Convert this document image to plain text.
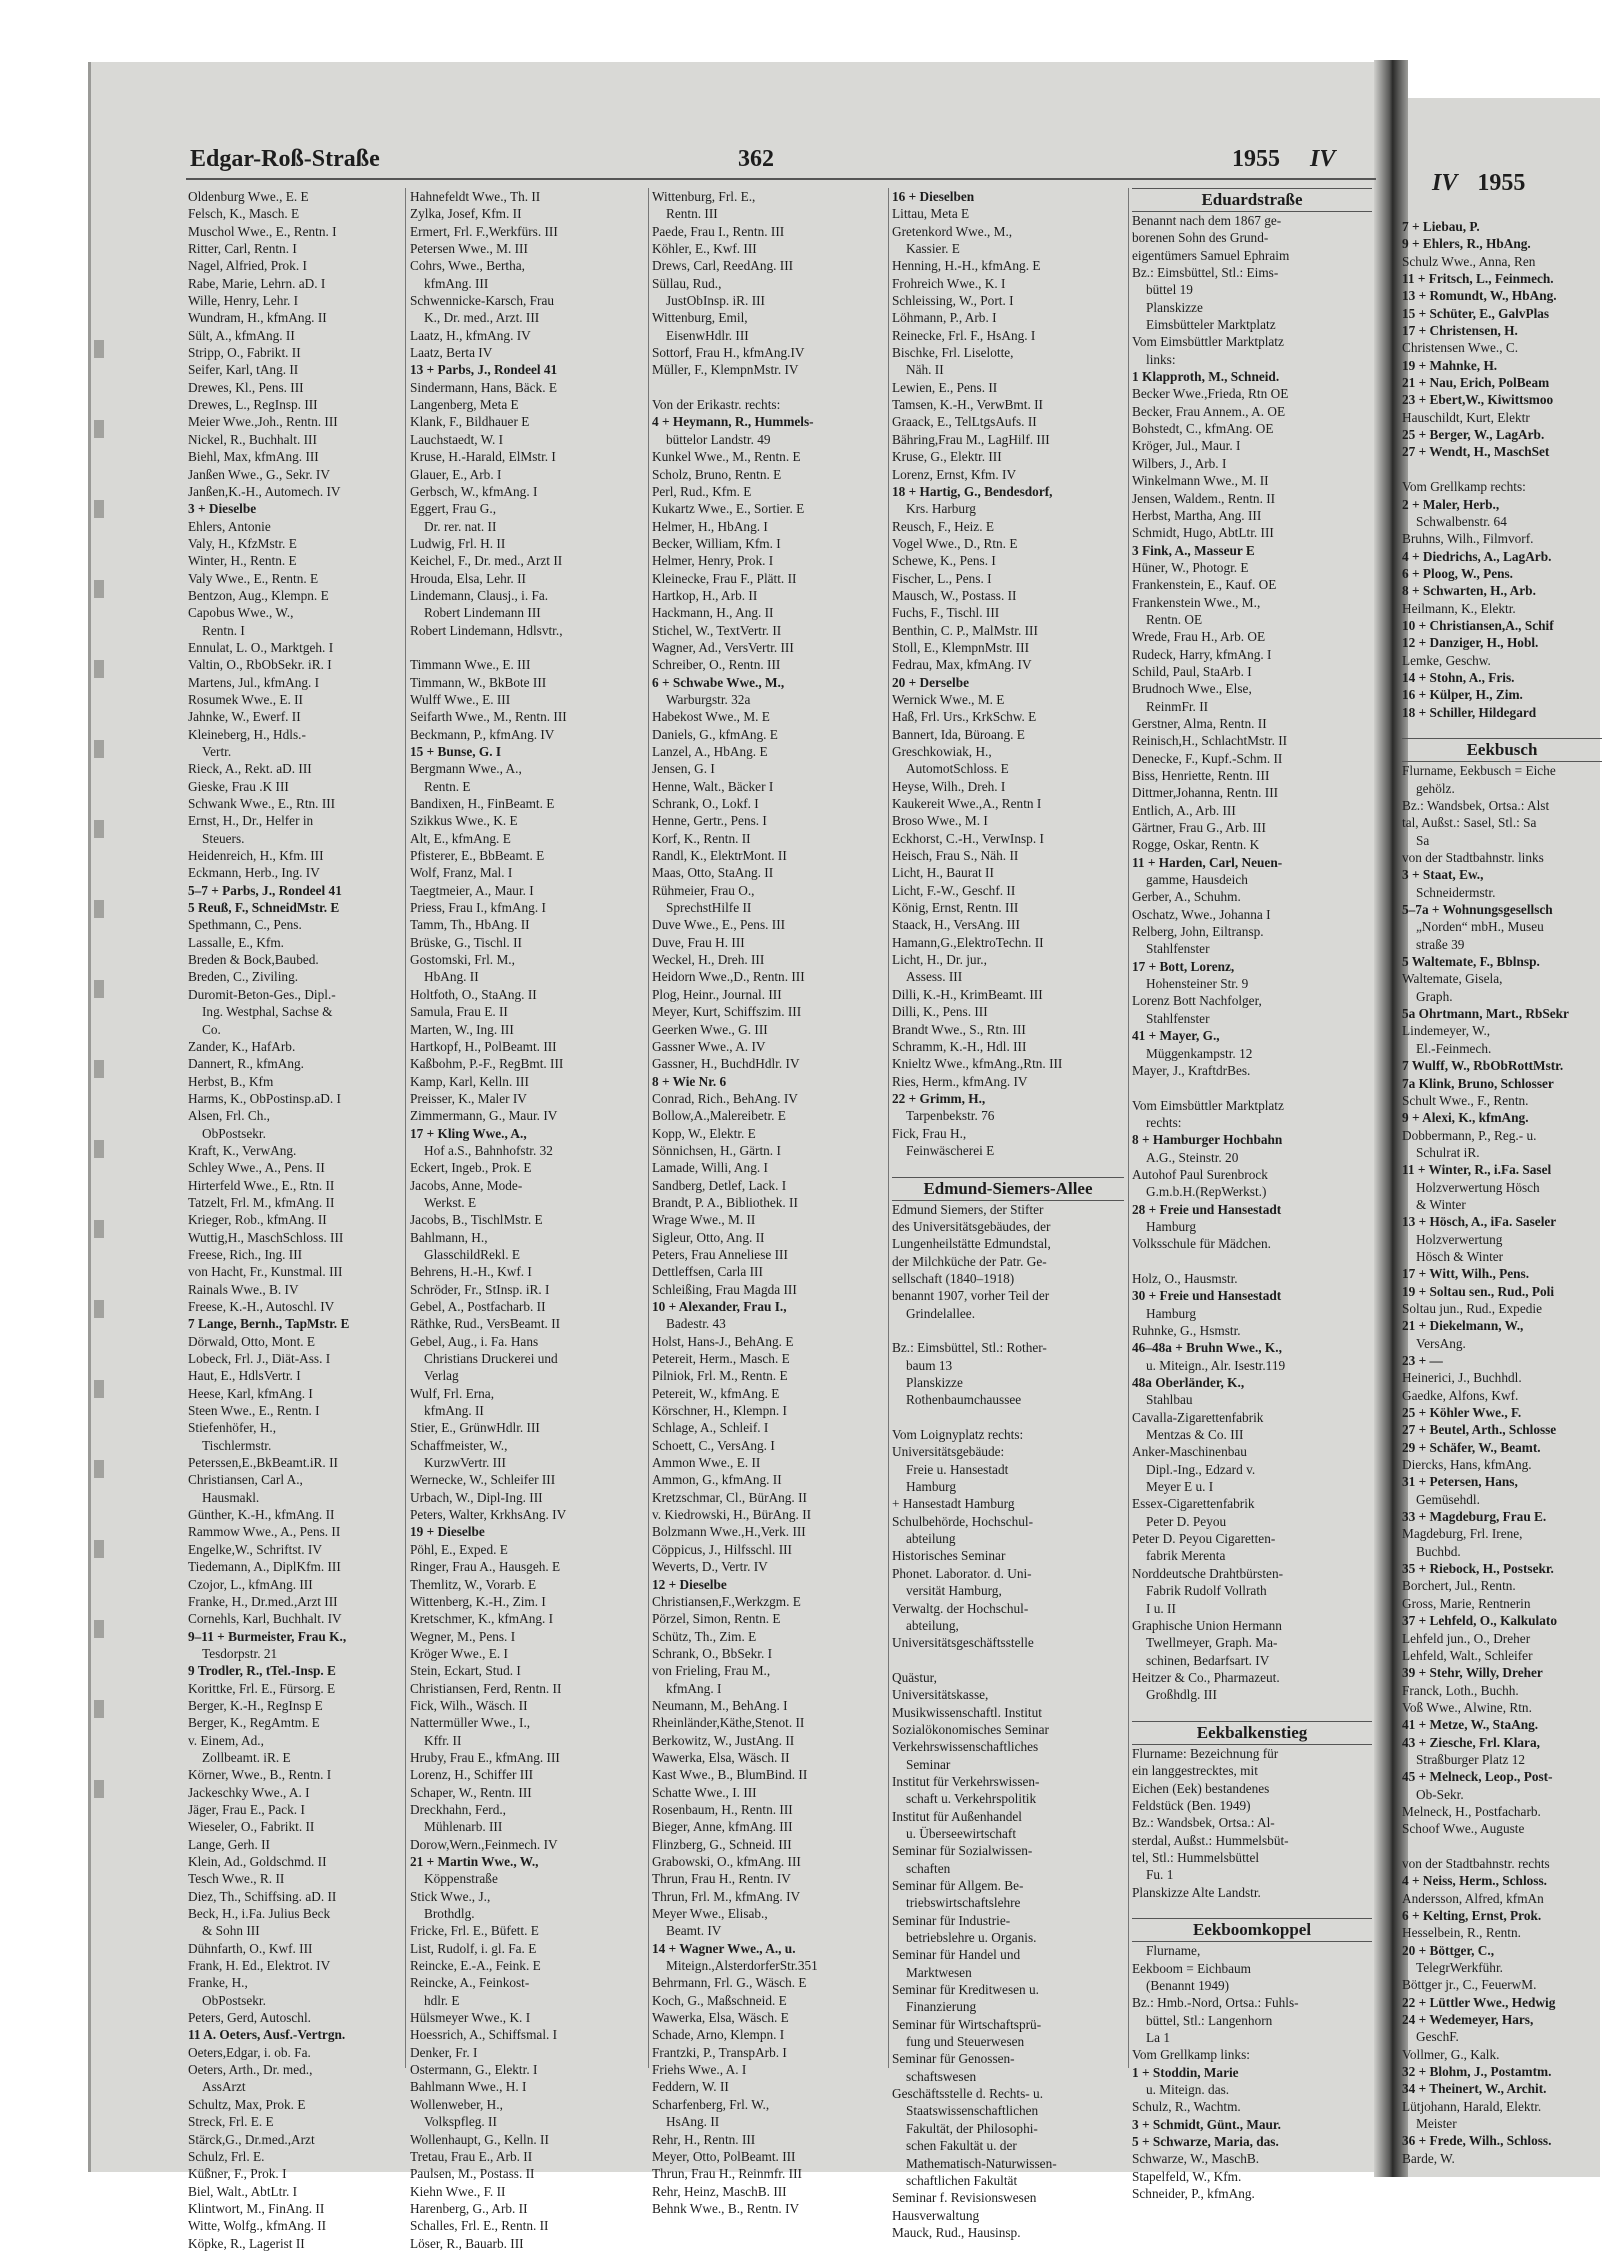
Edgar-Roß-Straße	362	1955 IV
IV 1955
Oldenburg Wwe., E. E
Felsch, K., Masch. E
Muschol Wwe., E., Rentn. I
Ritter, Carl, Rentn. I
Nagel, Alfried, Prok. I
Rabe, Marie, Lehrn. aD. I
Wille, Henry, Lehr. I
Wundram, H., kfmAng. II
Sült, A., kfmAng. II
Stripp, O., Fabrikt. II
Seifer, Karl, tAng. II
Drewes, Kl., Pens. III
Drewes, L., RegInsp. III
Meier Wwe.,Joh., Rentn. III
Nickel, R., Buchhalt. III
Biehl, Max, kfmAng. III
Janßen Wwe., G., Sekr. IV
Janßen,K.-H., Automech. IV
3 + Dieselbe
Ehlers, Antonie
Valy, H., KfzMstr. E
Winter, H., Rentn. E
Valy Wwe., E., Rentn. E
Bentzon, Aug., Klempn. E
Capobus Wwe., W.,
Rentn. I
Ennulat, L. O., Marktgeh. I
Valtin, O., RbObSekr. iR. I
Martens, Jul., kfmAng. I
Rosumek Wwe., E. II
Jahnke, W., Ewerf. II
Kleineberg, H., Hdls.-
Vertr.
Rieck, A., Rekt. aD. III
Gieske, Frau .K III
Schwank Wwe., E., Rtn. III
Ernst, H., Dr., Helfer in
Steuers.
Heidenreich, H., Kfm. III
Eckmann, Herb., Ing. IV
5–7 + Parbs, J., Rondeel 41
5 Reuß, F., SchneidMstr. E
Spethmann, C., Pens.
Lassalle, E., Kfm.
Breden & Bock,Baubed.
Breden, C., Ziviling.
Duromit-Beton-Ges., Dipl.-
Ing. Westphal, Sachse &
Co.
Zander, K., HafArb.
Dannert, R., kfmAng.
Herbst, B., Kfm
Harms, K., ObPostinsp.aD. I
Alsen, Frl. Ch.,
ObPostsekr.
Kraft, K., VerwAng.
Schley Wwe., A., Pens. II
Hirterfeld Wwe., E., Rtn. II
Tatzelt, Frl. M., kfmAng. II
Krieger, Rob., kfmAng. II
Wuttig,H., MaschSchloss. III
Freese, Rich., Ing. III
von Hacht, Fr., Kunstmal. III
Rainals Wwe., B. IV
Freese, K.-H., Autoschl. IV
7 Lange, Bernh., TapMstr. E
Dörwald, Otto, Mont. E
Lobeck, Frl. J., Diät-Ass. I
Haut, E., HdlsVertr. I
Heese, Karl, kfmAng. I
Steen Wwe., E., Rentn. I
Stiefenhöfer, H.,
Tischlermstr.
Peterssen,E.,BkBeamt.iR. II
Christiansen, Carl A.,
Hausmakl.
Günther, K.-H., kfmAng. II
Rammow Wwe., A., Pens. II
Engelke,W., Schriftst. IV
Tiedemann, A., DiplKfm. III
Czojor, L., kfmAng. III
Franke, H., Dr.med.,Arzt III
Cornehls, Karl, Buchhalt. IV
9–11 + Burmeister, Frau K.,
Tesdorpstr. 21
9 Trodler, R., tTel.-Insp. E
Korittke, Frl. E., Fürsorg. E
Berger, K.-H., RegInsp E
Berger, K., RegAmtm. E
v. Einem, Ad.,
Zollbeamt. iR. E
Körner, Wwe., B., Rentn. I
Jackeschky Wwe., A. I
Jäger, Frau E., Pack. I
Wieseler, O., Fabrikt. II
Lange, Gerh. II
Klein, Ad., Goldschmd. II
Tesch Wwe., R. II
Diez, Th., Schiffsing. aD. II
Beck, H., i.Fa. Julius Beck
& Sohn III
Dühnfarth, O., Kwf. III
Frank, H. Ed., Elektrot. IV
Franke, H.,
ObPostsekr.
Peters, Gerd, Autoschl.
11 A. Oeters, Ausf.-Vertrgn.
Oeters,Edgar, i. ob. Fa.
Oeters, Arth., Dr. med.,
AssArzt
Schultz, Max, Prok. E
Streck, Frl. E. E
Stärck,G., Dr.med.,Arzt
Schulz, Frl. E.
Küßner, F., Prok. I
Biel, Walt., AbtLtr. I
Klintwort, M., FinAng. II
Witte, Wolfg., kfmAng. II
Köpke, R., Lagerist II
Hahnefeldt Wwe., Th. II
Zylka, Josef, Kfm. II
Ermert, Frl. F.,Werkfürs. III
Petersen Wwe., M. III
Cohrs, Wwe., Bertha,
kfmAng. III
Schwennicke-Karsch, Frau
K., Dr. med., Arzt. III
Laatz, H., kfmAng. IV
Laatz, Berta IV
13 + Parbs, J., Rondeel 41
Sindermann, Hans, Bäck. E
Langenberg, Meta E
Klank, F., Bildhauer E
Lauchstaedt, W. I
Kruse, H.-Harald, ElMstr. I
Glauer, E., Arb. I
Gerbsch, W., kfmAng. I
Eggert, Frau G.,
Dr. rer. nat. II
Ludwig, Frl. H. II
Keichel, F., Dr. med., Arzt II
Hrouda, Elsa, Lehr. II
Lindemann, Clausj., i. Fa.
Robert Lindemann III
Robert Lindemann, Hdlsvtr.,
Timmann Wwe., E. III
Timmann, W., BkBote III
Wulff Wwe., E. III
Seifarth Wwe., M., Rentn. III
Beckmann, P., kfmAng. IV
15 + Bunse, G. I
Bergmann Wwe., A.,
Rentn. E
Bandixen, H., FinBeamt. E
Szikkus Wwe., K. E
Alt, E., kfmAng. E
Pfisterer, E., BbBeamt. E
Wolf, Franz, Mal. I
Taegtmeier, A., Maur. I
Priess, Frau I., kfmAng. I
Tamm, Th., HbAng. II
Brüske, G., Tischl. II
Gostomski, Frl. M.,
HbAng. II
Holtfoth, O., StaAng. II
Samula, Frau E. II
Marten, W., Ing. III
Hartkopf, H., PolBeamt. III
Kaßbohm, P.-F., RegBmt. III
Kamp, Karl, Kelln. III
Preisser, K., Maler IV
Zimmermann, G., Maur. IV
17 + Kling Wwe., A.,
Hof a.S., Bahnhofstr. 32
Eckert, Ingeb., Prok. E
Jacobs, Anne, Mode-
Werkst. E
Jacobs, B., TischlMstr. E
Bahlmann, H.,
GlasschildRekl. E
Behrens, H.-H., Kwf. I
Schröder, Fr., StInsp. iR. I
Gebel, A., Postfacharb. II
Räthke, Rud., VersBeamt. II
Gebel, Aug., i. Fa. Hans
Christians Druckerei und
Verlag
Wulf, Frl. Erna,
kfmAng. II
Stier, E., GrünwHdlr. III
Schaffmeister, W.,
KurzwVertr. III
Wernecke, W., Schleifer III
Urbach, W., Dipl-Ing. III
Peters, Walter, KrkhsAng. IV
19 + Dieselbe
Pöhl, E., Exped. E
Ringer, Frau A., Hausgeh. E
Themlitz, W., Vorarb. E
Wittenberg, K.-H., Zim. I
Kretschmer, K., kfmAng. I
Wegner, M., Pens. I
Kröger Wwe., E. I
Stein, Eckart, Stud. I
Christiansen, Ferd, Rentn. II
Fick, Wilh., Wäsch. II
Nattermüller Wwe., I.,
Kffr. II
Hruby, Frau E., kfmAng. III
Lorenz, H., Schiffer III
Schaper, W., Rentn. III
Dreckhahn, Ferd.,
Mühlenarb. III
Dorow,Wern.,Feinmech. IV
21 + Martin Wwe., W.,
Köppenstraße
Stick Wwe., J.,
Brothdlg.
Fricke, Frl. E., Büfett. E
List, Rudolf, i. gl. Fa. E
Reincke, E.-A., Feink. E
Reincke, A., Feinkost-
hdlr. E
Hülsmeyer Wwe., K. I
Hoessrich, A., Schiffsmal. I
Denker, Fr. I
Ostermann, G., Elektr. I
Bahlmann Wwe., H. I
Wollenweber, H.,
Volkspfleg. II
Wollenhaupt, G., Kelln. II
Tretau, Frau E., Arb. II
Paulsen, M., Postass. II
Kiehn Wwe., F. II
Harenberg, G., Arb. II
Schalles, Frl. E., Rentn. II
Löser, R., Bauarb. III
Wittenburg, Frl. E.,
Rentn. III
Paede, Frau I., Rentn. III
Köhler, E., Kwf. III
Drews, Carl, ReedAng. III
Süllau, Rud.,
JustObInsp. iR. III
Wittenburg, Emil,
EisenwHdlr. III
Sottorf, Frau H., kfmAng.IV
Müller, F., KlempnMstr. IV
Von der Erikastr. rechts:
4 + Heymann, R., Hummels-
büttelor Landstr. 49
Kunkel Wwe., M., Rentn. E
Scholz, Bruno, Rentn. E
Perl, Rud., Kfm. E
Kukartz Wwe., E., Sortier. E
Helmer, H., HbAng. I
Becker, William, Kfm. I
Helmer, Henry, Prok. I
Kleinecke, Frau F., Plätt. II
Hartkop, H., Arb. II
Hackmann, H., Ang. II
Stichel, W., TextVertr. II
Wagner, Ad., VersVertr. III
Schreiber, O., Rentn. III
6 + Schwabe Wwe., M.,
Warburgstr. 32a
Habekost Wwe., M. E
Daniels, G., kfmAng. E
Lanzel, A., HbAng. E
Jensen, G. I
Henne, Walt., Bäcker I
Schrank, O., Lokf. I
Henne, Gertr., Pens. I
Korf, K., Rentn. II
Randl, K., ElektrMont. II
Maas, Otto, StaAng. II
Rühmeier, Frau O.,
SprechstHilfe II
Duve Wwe., E., Pens. III
Duve, Frau H. III
Weckel, H., Dreh. III
Heidorn Wwe.,D., Rentn. III
Plog, Heinr., Journal. III
Meyer, Kurt, Schiffszim. III
Geerken Wwe., G. III
Gassner Wwe., A. IV
Gassner, H., BuchdHdlr. IV
8 + Wie Nr. 6
Conrad, Rich., BehAng. IV
Bollow,A.,Malereibetr. E
Kopp, W., Elektr. E
Sönnichsen, H., Gärtn. I
Lamade, Willi, Ang. I
Sandberg, Detlef, Lack. I
Brandt, P. A., Bibliothek. II
Wrage Wwe., M. II
Sigleur, Otto, Ang. II
Peters, Frau Anneliese III
Dettleffsen, Carla III
Schleißing, Frau Magda III
10 + Alexander, Frau I.,
Badestr. 43
Holst, Hans-J., BehAng. E
Petereit, Herm., Masch. E
Pilniok, Frl. M., Rentn. E
Petereit, W., kfmAng. E
Körschner, H., Klempn. I
Schlage, A., Schleif. I
Schoett, C., VersAng. I
Ammon Wwe., E. II
Ammon, G., kfmAng. II
Kretzschmar, Cl., BürAng. II
v. Kiedrowski, H., BürAng. II
Bolzmann Wwe.,H.,Verk. III
Cöppicus, J., Hilfsschl. III
Weverts, D., Vertr. IV
12 + Dieselbe
Christiansen,F.,Werkzgm. E
Pörzel, Simon, Rentn. E
Schütz, Th., Zim. E
Schrank, O., BbSekr. I
von Frieling, Frau M.,
kfmAng. I
Neumann, M., BehAng. I
Rheinländer,Käthe,Stenot. II
Berkowitz, W., JustAng. II
Wawerka, Elsa, Wäsch. II
Kast Wwe., B., BlumBind. II
Schatte Wwe., I. III
Rosenbaum, H., Rentn. III
Bieger, Anne, kfmAng. III
Flinzberg, G., Schneid. III
Grabowski, O., kfmAng. III
Thrun, Frau H., Rentn. IV
Thrun, Frl. M., kfmAng. IV
Meyer Wwe., Elisab.,
Beamt. IV
14 + Wagner Wwe., A., u.
Miteign.,AlsterdorferStr.351
Behrmann, Frl. G., Wäsch. E
Koch, G., Maßschneid. E
Wawerka, Elsa, Wäsch. E
Schade, Arno, Klempn. I
Frantzki, P., TranspArb. I
Friehs Wwe., A. I
Feddern, W. II
Scharfenberg, Frl. W.,
HsAng. II
Rehr, H., Rentn. III
Meyer, Otto, PolBeamt. III
Thrun, Frau H., Reinmfr. III
Rehr, Heinz, MaschB. III
Behnk Wwe., B., Rentn. IV
16 + Dieselben
Littau, Meta E
Gretenkord Wwe., M.,
Kassier. E
Henning, H.-H., kfmAng. E
Frohreich Wwe., K. I
Schleissing, W., Port. I
Löhmann, P., Arb. I
Reinecke, Frl. F., HsAng. I
Bischke, Frl. Liselotte,
Näh. II
Lewien, E., Pens. II
Tamsen, K.-H., VerwBmt. II
Graack, E., TelLtgsAufs. II
Bähring,Frau M., LagHilf. III
Kruse, G., Elektr. III
Lorenz, Ernst, Kfm. IV
18 + Hartig, G., Bendesdorf,
Krs. Harburg
Reusch, F., Heiz. E
Vogel Wwe., D., Rtn. E
Schewe, K., Pens. I
Fischer, L., Pens. I
Mausch, W., Postass. II
Fuchs, F., Tischl. III
Benthin, C. P., MalMstr. III
Stoll, E., KlempnMstr. III
Fedrau, Max, kfmAng. IV
20 + Derselbe
Wernick Wwe., M. E
Haß, Frl. Urs., KrkSchw. E
Bannert, Ida, Büroang. E
Greschkowiak, H.,
AutomotSchloss. E
Heyse, Wilh., Dreh. I
Kaukereit Wwe.,A., Rentn I
Broso Wwe., M. I
Eckhorst, C.-H., VerwInsp. I
Heisch, Frau S., Näh. II
Licht, H., Baurat II
Licht, F.-W., Geschf. II
König, Ernst, Rentn. III
Staack, H., VersAng. III
Hamann,G.,ElektroTechn. II
Licht, H., Dr. jur.,
Assess. III
Dilli, K.-H., KrimBeamt. III
Dilli, K., Pens. III
Brandt Wwe., S., Rtn. III
Schramm, K.-H., Hdl. III
Knieltz Wwe., kfmAng.,Rtn. III
Ries, Herm., kfmAng. IV
22 + Grimm, H.,
Tarpenbekstr. 76
Fick, Frau H.,
Feinwäscherei E
Edmund-Siemers-Allee
Edmund Siemers, der Stifter
des Universitätsgebäudes, der
Lungenheilstätte Edmundstal,
der Milchküche der Patr. Ge-
sellschaft (1840–1918)
benannt 1907, vorher Teil der
Grindelallee.
Bz.: Eimsbüttel, Stl.: Rother-
baum 13
Planskizze
Rothenbaumchaussee
Vom Loignyplatz rechts:
Universitätsgebäude:
Freie u. Hansestadt
Hamburg
+ Hansestadt Hamburg
Schulbehörde, Hochschul-
abteilung
Historisches Seminar
Phonet. Laborator. d. Uni-
versität Hamburg,
Verwaltg. der Hochschul-
abteilung,
Universitätsgeschäftsstelle
Quästur,
Universitätskasse,
Musikwissenschaftl. Institut
Sozialökonomisches Seminar
Verkehrswissenschaftliches
Seminar
Institut für Verkehrswissen-
schaft u. Verkehrspolitik
Institut für Außenhandel
u. Überseewirtschaft
Seminar für Sozialwissen-
schaften
Seminar für Allgem. Be-
triebswirtschaftslehre
Seminar für Industrie-
betriebslehre u. Organis.
Seminar für Handel und
Marktwesen
Seminar für Kreditwesen u.
Finanzierung
Seminar für Wirtschaftsprü-
fung und Steuerwesen
Seminar für Genossen-
schaftswesen
Geschäftsstelle d. Rechts- u.
Staatswissenschaftlichen
Fakultät, der Philosophi-
schen Fakultät u. der
Mathematisch-Naturwissen-
schaftlichen Fakultät
Seminar f. Revisionswesen
Hausverwaltung
Mauck, Rud., Hausinsp.
Eduardstraße
Benannt nach dem 1867 ge-
borenen Sohn des Grund-
eigentümers Samuel Ephraim
Bz.: Eimsbüttel, Stl.: Eims-
büttel 19
Planskizze
Eimsbütteler Marktplatz
Vom Eimsbüttler Marktplatz
links:
1 Klapproth, M., Schneid.
Becker Wwe.,Frieda, Rtn OE
Becker, Frau Annem., A. OE
Bohstedt, C., kfmAng. OE
Kröger, Jul., Maur. I
Wilbers, J., Arb. I
Winkelmann Wwe., M. II
Jensen, Waldem., Rentn. II
Herbst, Martha, Ang. III
Schmidt, Hugo, AbtLtr. III
3 Fink, A., Masseur E
Hüner, W., Photogr. E
Frankenstein, E., Kauf. OE
Frankenstein Wwe., M.,
Rentn. OE
Wrede, Frau H., Arb. OE
Rudeck, Harry, kfmAng. I
Schild, Paul, StaArb. I
Brudnoch Wwe., Else,
ReinmFr. II
Gerstner, Alma, Rentn. II
Reinisch,H., SchlachtMstr. II
Denecke, F., Kupf.-Schm. II
Biss, Henriette, Rentn. III
Dittmer,Johanna, Rentn. III
Entlich, A., Arb. III
Gärtner, Frau G., Arb. III
Rogge, Oskar, Rentn. K
11 + Harden, Carl, Neuen-
gamme, Hausdeich
Gerber, A., Schuhm.
Oschatz, Wwe., Johanna I
Relberg, John, Eiltransp.
Stahlfenster
17 + Bott, Lorenz,
Hohensteiner Str. 9
Lorenz Bott Nachfolger,
Stahlfenster
41 + Mayer, G.,
Müggenkampstr. 12
Mayer, J., KraftdrBes.
Vom Eimsbüttler Marktplatz
rechts:
8 + Hamburger Hochbahn
A.G., Steinstr. 20
Autohof Paul Surenbrock
G.m.b.H.(RepWerkst.)
28 + Freie und Hansestadt
Hamburg
Volksschule für Mädchen.
Holz, O., Hausmstr.
30 + Freie und Hansestadt
Hamburg
Ruhnke, G., Hsmstr.
46–48a + Bruhn Wwe., K.,
u. Miteign., Alr. Isestr.119
48a Oberländer, K.,
Stahlbau
Cavalla-Zigarettenfabrik
Mentzas & Co. III
Anker-Maschinenbau
Dipl.-Ing., Edzard v.
Meyer E u. I
Essex-Cigarettenfabrik
Peter D. Peyou
Peter D. Peyou Cigaretten-
fabrik Merenta
Norddeutsche Drahtbürsten-
Fabrik Rudolf Vollrath
I u. II
Graphische Union Hermann
Twellmeyer, Graph. Ma-
schinen, Bedarfsart. IV
Heitzer & Co., Pharmazeut.
Großhdlg. III
Eekbalkenstieg
Flurname: Bezeichnung für
ein langgestrecktes, mit
Eichen (Eek) bestandenes
Feldstück (Ben. 1949)
Bz.: Wandsbek, Ortsa.: Al-
sterdal, Außst.: Hummelsbüt-
tel, Stl.: Hummelsbüttel
Fu. 1
Planskizze Alte Landstr.
Eekboomkoppel
Flurname,
Eekboom = Eichbaum
(Benannt 1949)
Bz.: Hmb.-Nord, Ortsa.: Fuhls-
büttel, Stl.: Langenhorn
La 1
Vom Grellkamp links:
1 + Stoddin, Marie
u. Miteign. das.
Schulz, R., Wachtm.
3 + Schmidt, Günt., Maur.
5 + Schwarze, Maria, das.
Schwarze, W., MaschB.
Stapelfeld, W., Kfm.
Schneider, P., kfmAng.
7 + Liebau, P.
9 + Ehlers, R., HbAng.
Schulz Wwe., Anna, Ren
11 + Fritsch, L., Feinmech.
13 + Romundt, W., HbAng.
15 + Schüter, E., GalvPlas
17 + Christensen, H.
Christensen Wwe., C.
19 + Mahnke, H.
21 + Nau, Erich, PolBeam
23 + Ebert,W., Kiwittsmoo
Hauschildt, Kurt, Elektr
25 + Berger, W., LagArb.
27 + Wendt, H., MaschSet
Vom Grellkamp rechts:
2 + Maler, Herb.,
Schwalbenstr. 64
Bruhns, Wilh., Filmvorf.
4 + Diedrichs, A., LagArb.
6 + Ploog, W., Pens.
8 + Schwarten, H., Arb.
Heilmann, K., Elektr.
10 + Christiansen,A., Schif
12 + Danziger, H., Hobl.
Lemke, Geschw.
14 + Stohn, A., Fris.
16 + Külper, H., Zim.
18 + Schiller, Hildegard
Eekbusch
Flurname, Eekbusch = Eiche
gehölz.
Bz.: Wandsbek, Ortsa.: Alst
tal, Außst.: Sasel, Stl.: Sa
Sa
von der Stadtbahnstr. links
3 + Staat, Ew.,
Schneidermstr.
5–7a + Wohnungsgesellsch
„Norden“ mbH., Museu
straße 39
5 Waltemate, F., Bblnsp.
Waltemate, Gisela,
Graph.
5a Ohrtmann, Mart., RbSekr
Lindemeyer, W.,
El.-Feinmech.
7 Wulff, W., RbObRottMstr.
7a Klink, Bruno, Schlosser
Schult Wwe., F., Rentn.
9 + Alexi, K., kfmAng.
Dobbermann, P., Reg.- u.
Schulrat iR.
11 + Winter, R., i.Fa. Sasel
Holzverwertung Hösch
& Winter
13 + Hösch, A., iFa. Saseler
Holzverwertung
Hösch & Winter
17 + Witt, Wilh., Pens.
19 + Soltau sen., Rud., Poli
Soltau jun., Rud., Expedie
21 + Diekelmann, W.,
VersAng.
23 + —
Heinerici, J., Buchhdl.
Gaedke, Alfons, Kwf.
25 + Köhler Wwe., F.
27 + Beutel, Arth., Schlosse
29 + Schäfer, W., Beamt.
Diercks, Hans, kfmAng.
31 + Petersen, Hans,
Gemüsehdl.
33 + Magdeburg, Frau E.
Magdeburg, Frl. Irene,
Buchbd.
35 + Riebock, H., Postsekr.
Borchert, Jul., Rentn.
Gross, Marie, Rentnerin
37 + Lehfeld, O., Kalkulato
Lehfeld jun., O., Dreher
Lehfeld, Walt., Schleifer
39 + Stehr, Willy, Dreher
Franck, Loth., Buchh.
Voß Wwe., Alwine, Rtn.
41 + Metze, W., StaAng.
43 + Ziesche, Frl. Klara,
Straßburger Platz 12
45 + Melneck, Leop., Post-
Ob-Sekr.
Melneck, H., Postfacharb.
Schoof Wwe., Auguste
von der Stadtbahnstr. rechts
4 + Neiss, Herm., Schloss.
Andersson, Alfred, kfmAn
6 + Kelting, Ernst, Prok.
Hesselbein, R., Rentn.
20 + Böttger, C.,
TelegrWerkführ.
Böttger jr., C., FeuerwM.
22 + Lüttler Wwe., Hedwig
24 + Wedemeyer, Hars,
GeschF.
Vollmer, G., Kalk.
32 + Blohm, J., Postamtm.
34 + Theinert, W., Archit.
Lütjohann, Harald, Elektr.
Meister
36 + Frede, Wilh., Schloss.
Barde, W.
